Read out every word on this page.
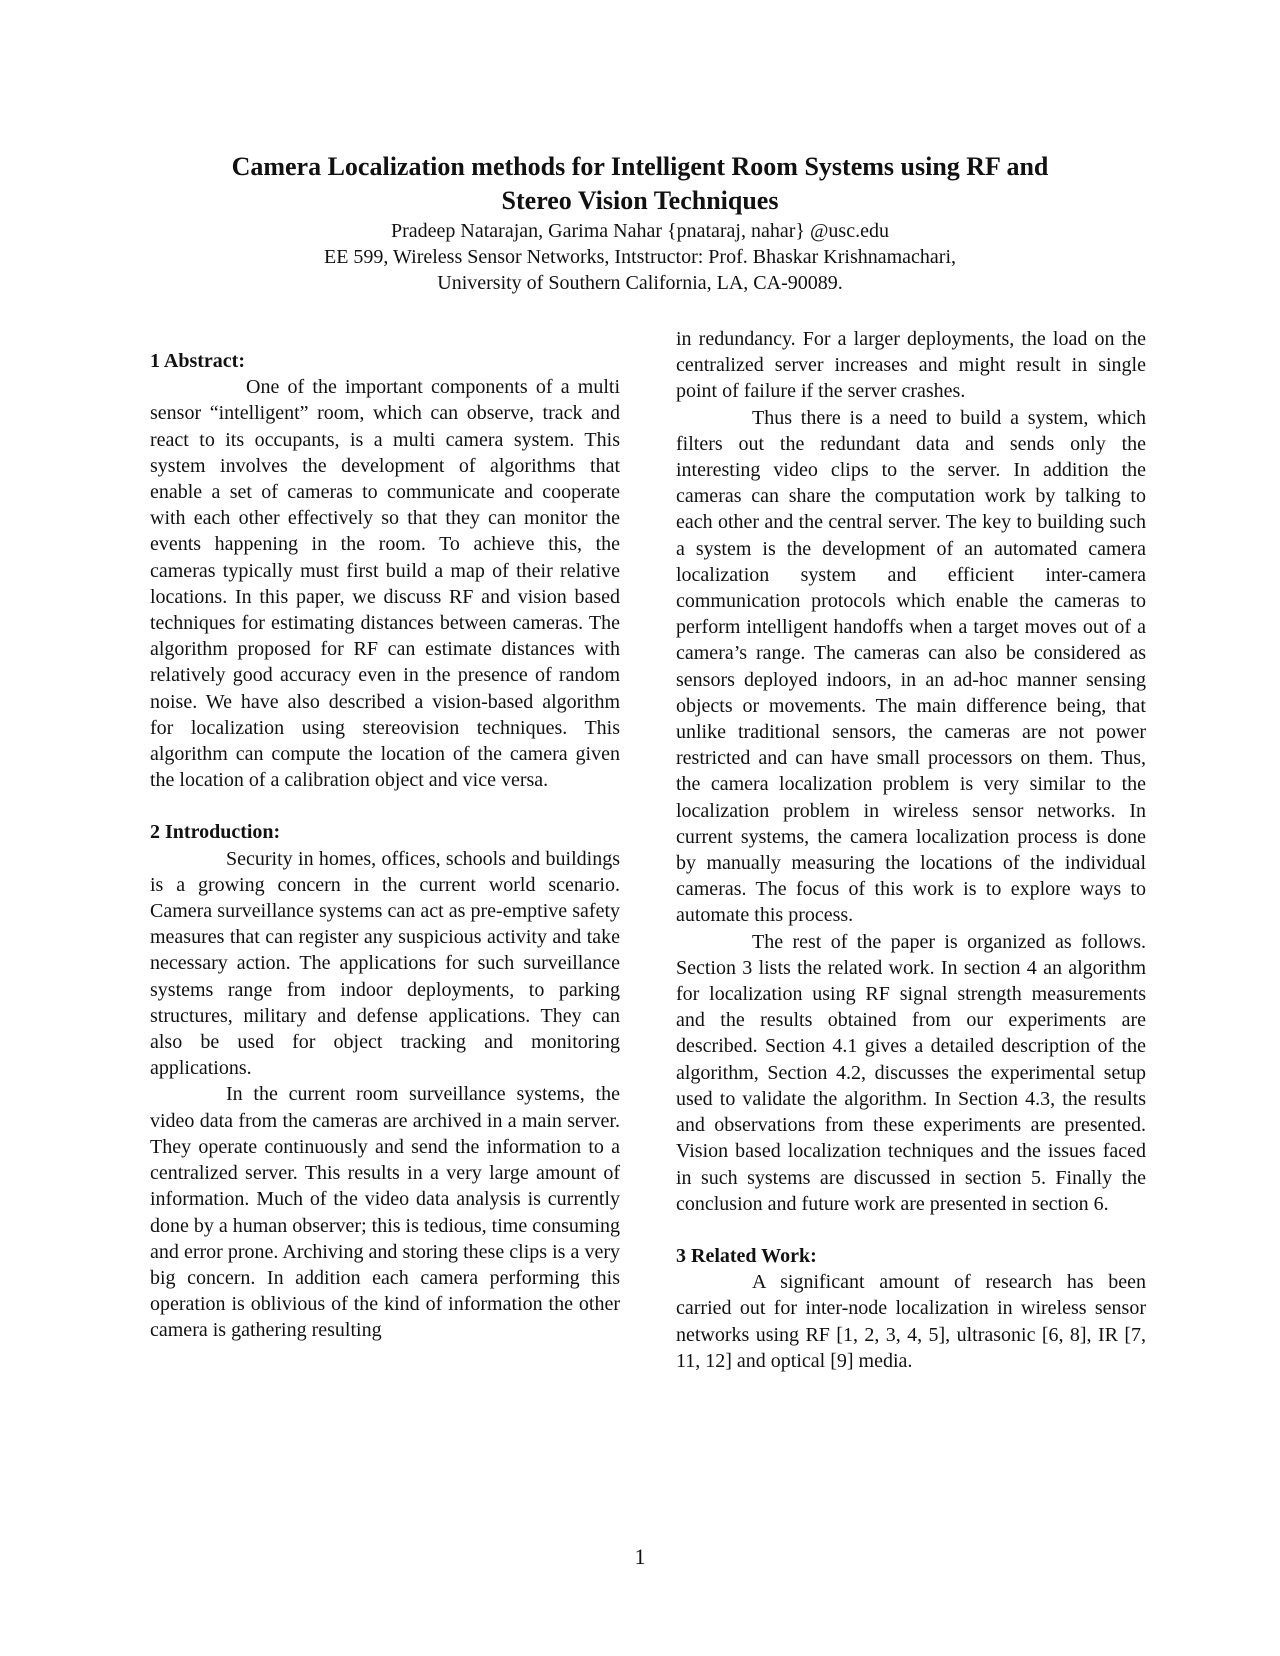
Camera Localization methods for Intelligent Room Systems using RF and

Stereo Vision Techniques

Pradeep Natarajan, Garima Nahar {pnataraj, nahar} @usc.edu

EE 599, Wireless Sensor Networks, Intstructor: Prof. Bhaskar Krishnamachari,

University of Southern California, LA, CA-90089.

1 Abstract:

One of the important components of a multi sensor “intelligent” room, which can observe, track and react to its occupants, is a multi camera system. This system involves the development of algorithms that enable a set of cameras to communicate and cooperate with each other effectively so that they can monitor the events happening in the room. To achieve this, the cameras typically must first build a map of their relative locations. In this paper, we discuss RF and vision based techniques for estimating distances between cameras. The algorithm proposed for RF can estimate distances with relatively good accuracy even in the presence of random noise. We have also described a vision-based algorithm for localization using stereovision techniques. This algorithm can compute the location of the camera given the location of a calibration object and vice versa.

2 Introduction:

Security in homes, offices, schools and buildings is a growing concern in the current world scenario. Camera surveillance systems can act as pre-emptive safety measures that can register any suspicious activity and take necessary action. The applications for such surveillance systems range from indoor deployments, to parking structures, military and defense applications. They can also be used for object tracking and monitoring applications.

In the current room surveillance systems, the video data from the cameras are archived in a main server. They operate continuously and send the information to a centralized server. This results in a very large amount of information. Much of the video data analysis is currently done by a human observer; this is tedious, time consuming and error prone. Archiving and storing these clips is a very big concern. In addition each camera performing this operation is oblivious of the kind of information the other camera is gathering resulting

in redundancy. For a larger deployments, the load on the centralized server increases and might result in single point of failure if the server crashes.

Thus there is a need to build a system, which filters out the redundant data and sends only the interesting video clips to the server. In addition the cameras can share the computation work by talking to each other and the central server. The key to building such a system is the development of an automated camera localization system and efficient inter-camera communication protocols which enable the cameras to perform intelligent handoffs when a target moves out of a camera’s range. The cameras can also be considered as sensors deployed indoors, in an ad-hoc manner sensing objects or movements. The main difference being, that unlike traditional sensors, the cameras are not power restricted and can have small processors on them. Thus, the camera localization problem is very similar to the localization problem in wireless sensor networks. In current systems, the camera localization process is done by manually measuring the locations of the individual cameras. The focus of this work is to explore ways to automate this process.

The rest of the paper is organized as follows. Section 3 lists the related work. In section 4 an algorithm for localization using RF signal strength measurements and the results obtained from our experiments are described. Section 4.1 gives a detailed description of the algorithm, Section 4.2, discusses the experimental setup used to validate the algorithm. In Section 4.3, the results and observations from these experiments are presented. Vision based localization techniques and the issues faced in such systems are discussed in section 5. Finally the conclusion and future work are presented in section 6.

3 Related Work:

A significant amount of research has been carried out for inter-node localization in wireless sensor networks using RF [1, 2, 3, 4, 5], ultrasonic [6, 8], IR [7, 11, 12] and optical [9] media.

1
